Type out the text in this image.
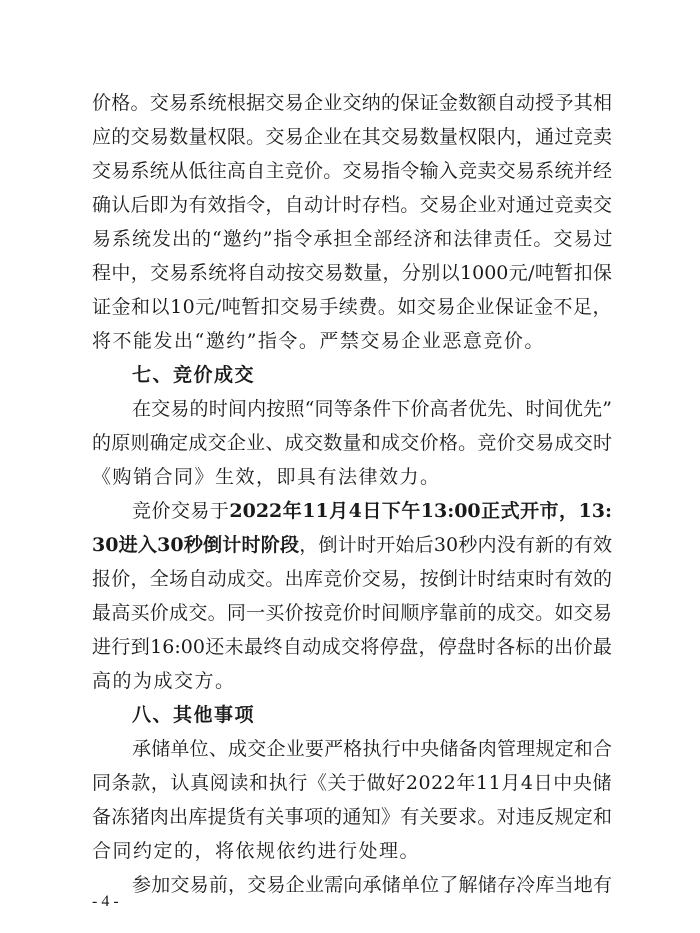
价格。交易系统根据交易企业交纳的保证金数额自动授予其相
应的交易数量权限。交易企业在其交易数量权限内，通过竞卖
交易系统从低往高自主竞价。交易指令输入竞卖交易系统并经
确认后即为有效指令，自动计时存档。交易企业对通过竞卖交
易系统发出的“邀约”指令承担全部经济和法律责任。交易过
程中，交易系统将自动按交易数量，分别以1000元/吨暂扣保
证金和以10元/吨暂扣交易手续费。如交易企业保证金不足，
将不能发出“邀约”指令。严禁交易企业恶意竞价。
七、竞价成交
在交易的时间内按照“同等条件下价高者优先、时间优先”
的原则确定成交企业、成交数量和成交价格。竞价交易成交时
《购销合同》生效，即具有法律效力。
竞价交易于2022年11月4日下午13:00正式开市，13:
30进入30秒倒计时阶段，倒计时开始后30秒内没有新的有效
报价，全场自动成交。出库竞价交易，按倒计时结束时有效的
最高买价成交。同一买价按竞价时间顺序靠前的成交。如交易
进行到16:00还未最终自动成交将停盘，停盘时各标的出价最
高的为成交方。
八、其他事项
承储单位、成交企业要严格执行中央储备肉管理规定和合
同条款，认真阅读和执行《关于做好2022年11月4日中央储
备冻猪肉出库提货有关事项的通知》有关要求。对违反规定和
合同约定的，将依规依约进行处理。
参加交易前，交易企业需向承储单位了解储存冷库当地有
- 4 -
